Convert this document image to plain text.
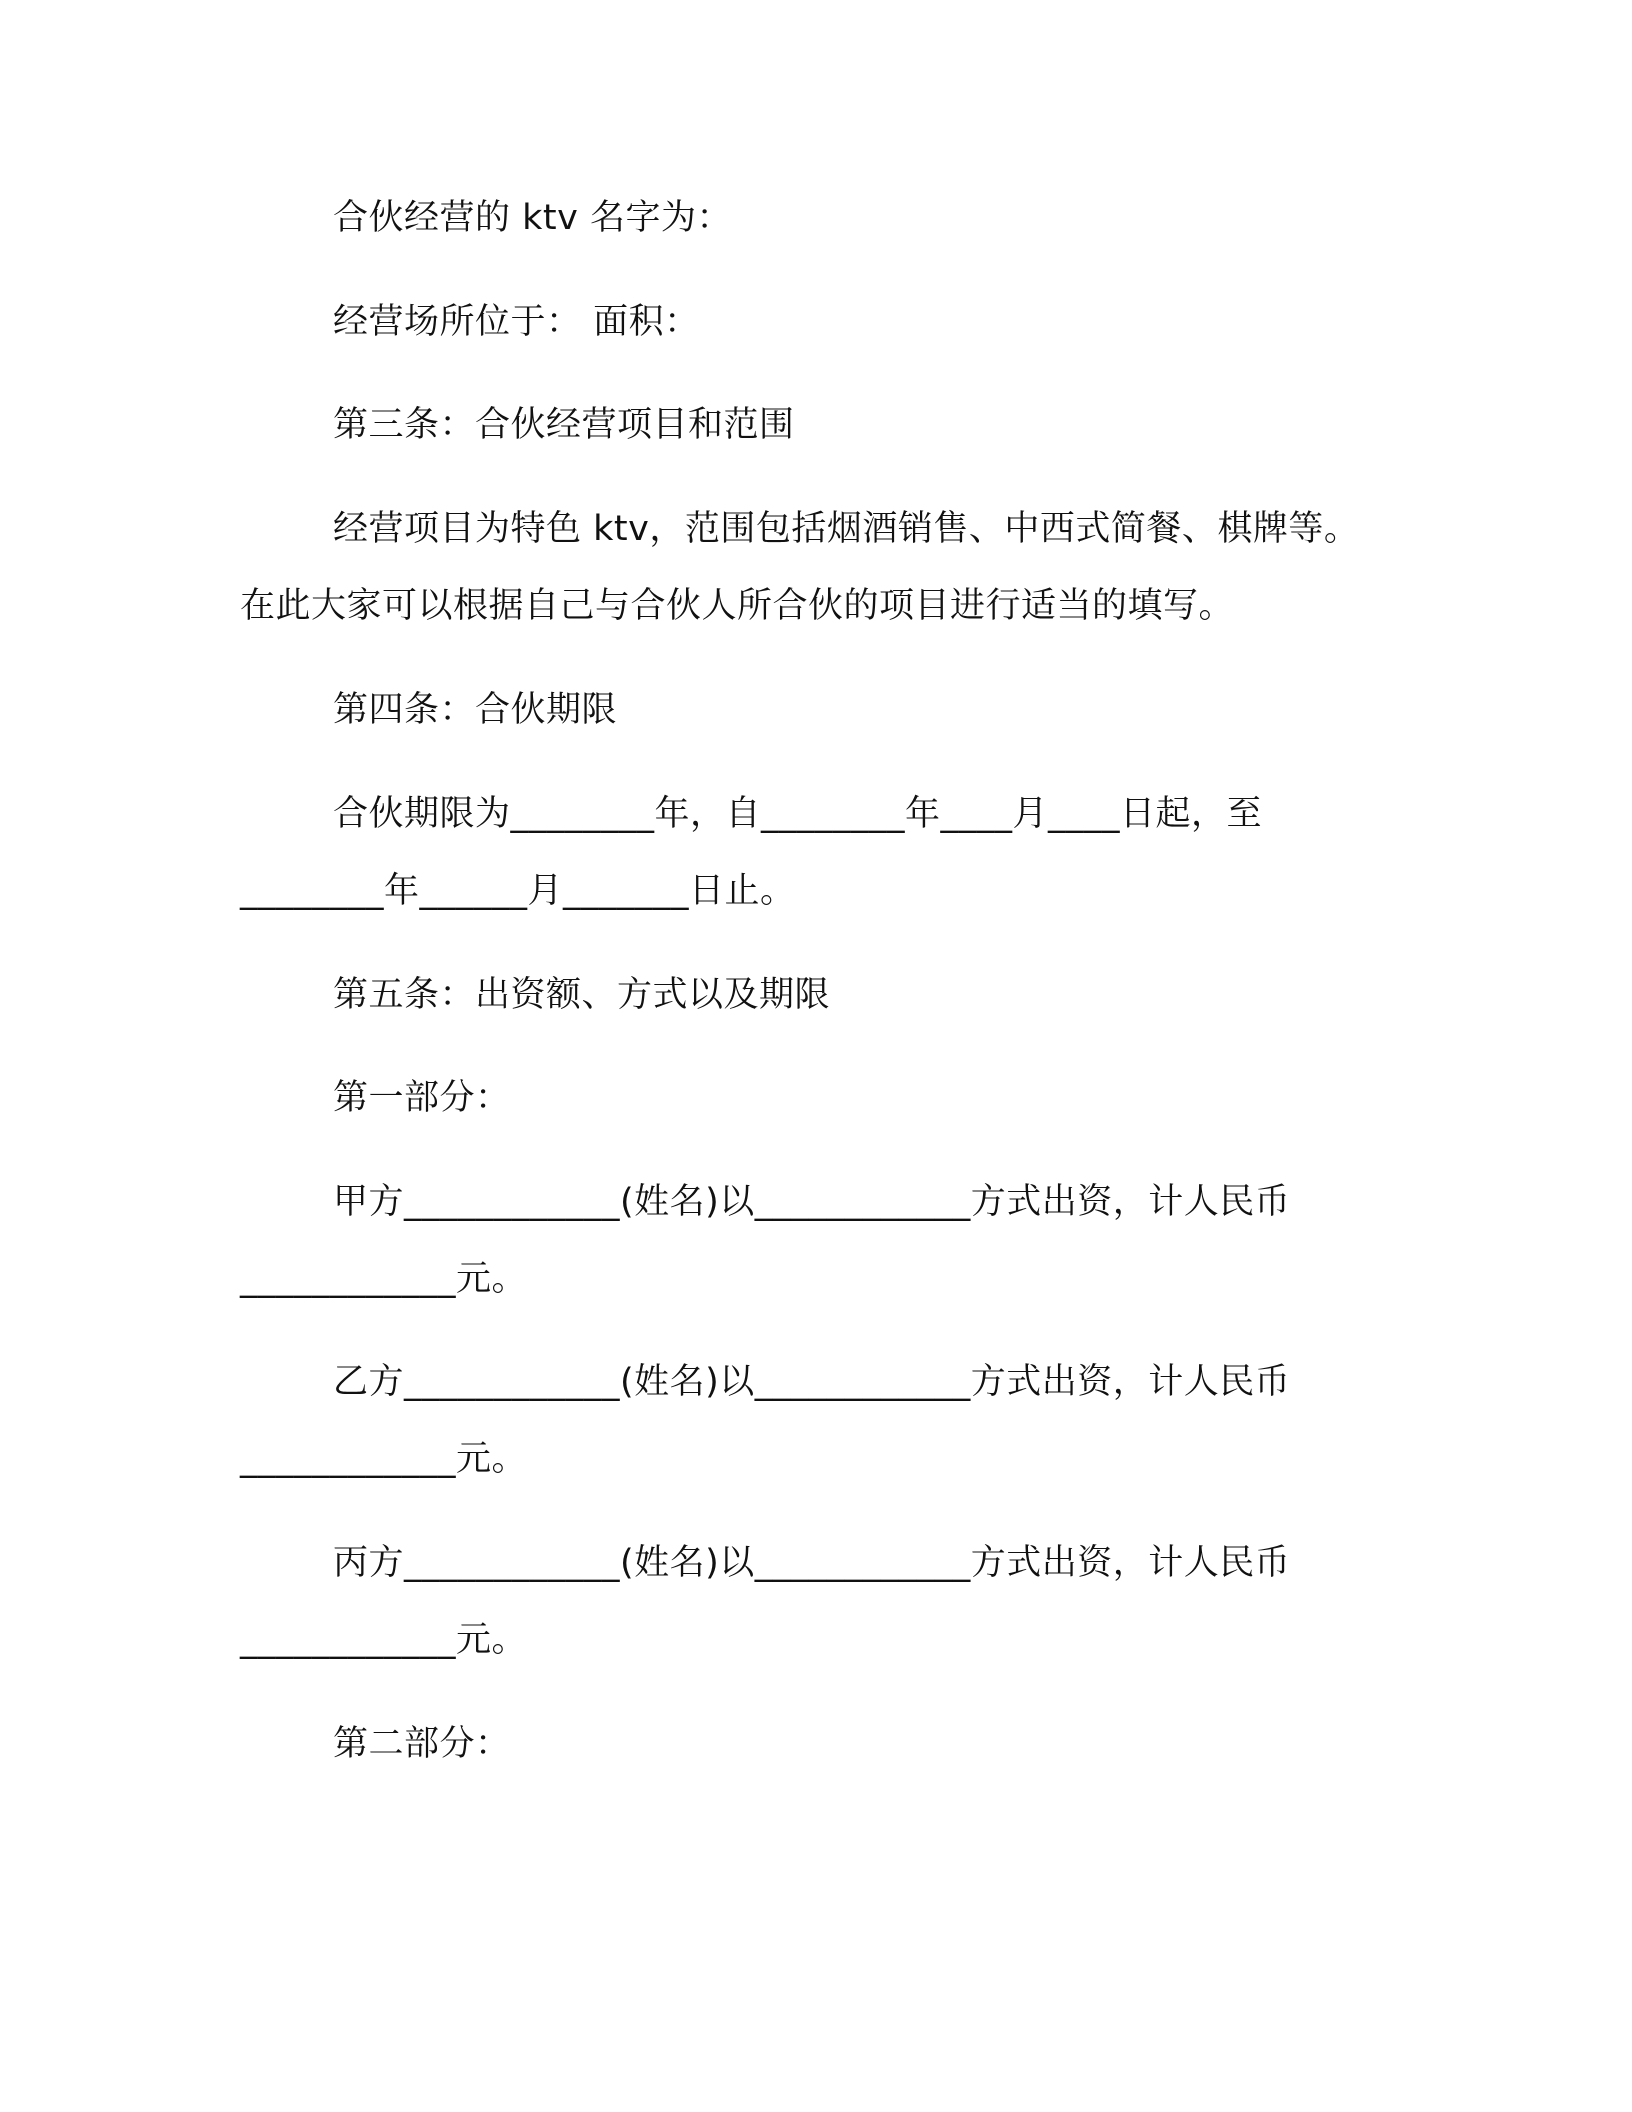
合伙经营的 ktv 名字为：
经营场所位于： 面积：
第三条：合伙经营项目和范围
经营项目为特色 ktv，范围包括烟酒销售、中西式简餐、棋牌等。
在此大家可以根据自己与合伙人所合伙的项目进行适当的填写。
第四条：合伙期限
合伙期限为________年，自________年____月____日起，至
________年______月_______日止。
第五条：出资额、方式以及期限
第一部分：
甲方____________(姓名)以____________方式出资，计人民币
____________元。
乙方____________(姓名)以____________方式出资，计人民币
____________元。
丙方____________(姓名)以____________方式出资，计人民币
____________元。
第二部分：
